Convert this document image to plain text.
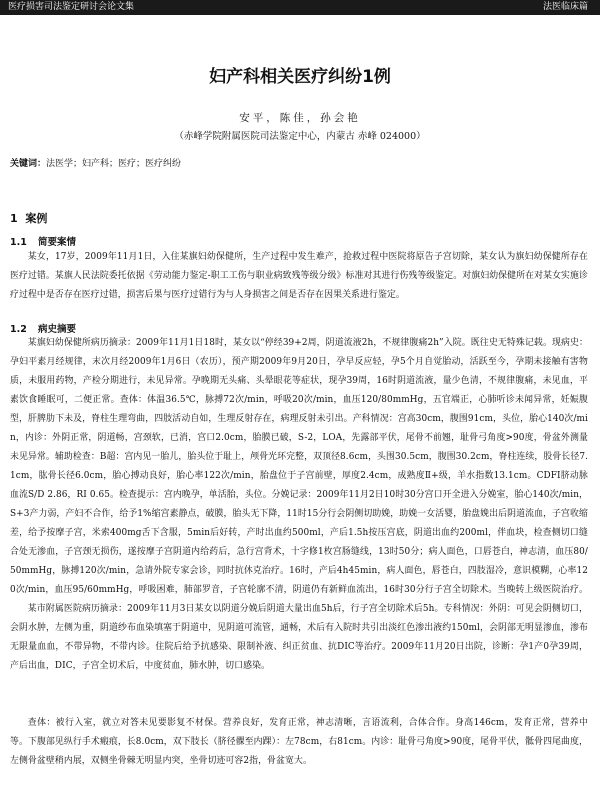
医疗损害司法鉴定研讨会论文集	法医临床篇
妇产科相关医疗纠纷1例

安平，陈佳，孙会艳

（赤峰学院附属医院司法鉴定中心，内蒙古 赤峰 024000）

关键词：法医学；妇产科；医疗；医疗纠纷

1 案例
1.1 简要案情

某女，17岁，2009年11月1日，入住某旗妇幼保健所，生产过程中发生难产，抢救过程中医院将原告子宫切除，某女认为旗妇幼保健所存在医疗过错。某旗人民法院委托依据《劳动能力鉴定-职工工伤与职业病致残等级分级》标准对其进行伤残等级鉴定。对旗妇幼保健所在对某女实施诊疗过程中是否存在医疗过错，损害后果与医疗过错行为与人身损害之间是否存在因果关系进行鉴定。

1.2 病史摘要

某旗妇幼保健所病历摘录：2009年11月1日18时，某女以“停经39+2周，阴道流液2h，不规律腹痛2h”入院。既往史无特殊记载。现病史：孕妇平素月经规律，末次月经2009年1月6日（农历），预产期2009年9月20日，孕早反应轻，孕5个月自觉胎动，活跃至今，孕期未接触有害物质，未服用药物，产检分期进行，未见异常。孕晚期无头痛、头晕眼花等症状，现孕39周，16时阴道流液，量少色清，不规律腹痛，未见血，平素饮食睡眠可，二便正常。查体：体温36.5℃，脉搏72次/min，呼吸20次/min，血压120/80mmHg，五官端正，心肺听诊未闻异常，妊娠腹型，肝脾肋下未及，脊柱生理弯曲，四肢活动自如，生理反射存在，病理反射未引出。产科情况：宫高30cm，腹围91cm，头位，胎心140次/min，内诊：外阴正常，阴道畅，宫颈软，已消，宫口2.0cm，胎膜已破，S-2，LOA，先露部平伏，尾骨不前翘，耻骨弓角度>90度，骨盆外测量未见异常。辅助检查：B超：宫内见一胎儿，胎头位于耻上，颅骨光环完整，双顶径8.6cm，头围30.5cm，腹围30.2cm，脊柱连续，股骨长径7.1cm，肱骨长径6.0cm，胎心搏动良好，胎心率122次/min，胎盘位于子宫前壁，厚度2.4cm，成熟度Ⅱ+级，羊水指数13.1cm。CDFI脐动脉血流S/D 2.86，RI 0.65。检查提示：宫内晚孕，单活胎，头位。分娩记录：2009年11月2日10时30分宫口开全进入分娩室，胎心140次/min，S+3产力弱，产妇不合作，给予1%缩宫素静点，破膜，胎头无下降，11时15分行会阴侧切助娩，助娩一女活婴，胎盘娩出后阴道流血，子宫收缩差，给予按摩子宫，米索400mg舌下含服，5min后好转，产时出血约500ml，产后1.5h按压宫底，阴道出血约200ml，伴血块，检查侧切口缝合处无渗血，子宫颈无损伤，遂按摩子宫阴道内给药后，急行宫背术，十字修1枚宫肠缝线，13时50分；病人面色，口唇苍白，神志清，血压80/50mmHg，脉搏120次/min，急请外院专家会诊，同时抗休克治疗。16时，产后4h45min，病人面色，唇苍白，四肢湿冷，意识模糊，心率120次/min，血压95/60mmHg，呼吸困难，肺部罗音，子宫轮廓不清，阴道仍有新鲜血流出，16时30分行子宫全切除术。当晚转上级医院治疗。

某市附属医院病历摘录：2009年11月3日某女以阴道分娩后阴道大量出血5h后，行子宫全切除术后5h。专科情况：外阴：可见会阴侧切口，会阴水肿，左侧为重，阴道纱布血染填塞于阴道中，见阴道可流管，通畅，术后有入院时共引出淡红色渗出液约150ml，会阴部无明显渗血，渗布无限量血血，不带异物，不带内诊。住院后给予抗感染、限制补液、纠正贫血、抗DIC等治疗。2009年11月20日出院，诊断：孕1产0孕39周，产后出血，DIC，子宫全切术后，中度贫血，肺水肿，切口感染。

查体：被行入室，就立对答未见要影复不材保。营养良好，发育正常，神志清晰，言语流利，合体合作。身高146cm，发育正常，营养中等。下腹部见纵行手术瘢痕，长8.0cm，双下肢长（脐径髁至内踝）：左78cm，右81cm。内诊：耻骨弓角度>90度，尾骨平伏，骶骨四尾曲度，左侧骨盆壁稍内展，双侧坐骨棘无明显内突，坐骨切迹可容2指，骨盆宽大。
